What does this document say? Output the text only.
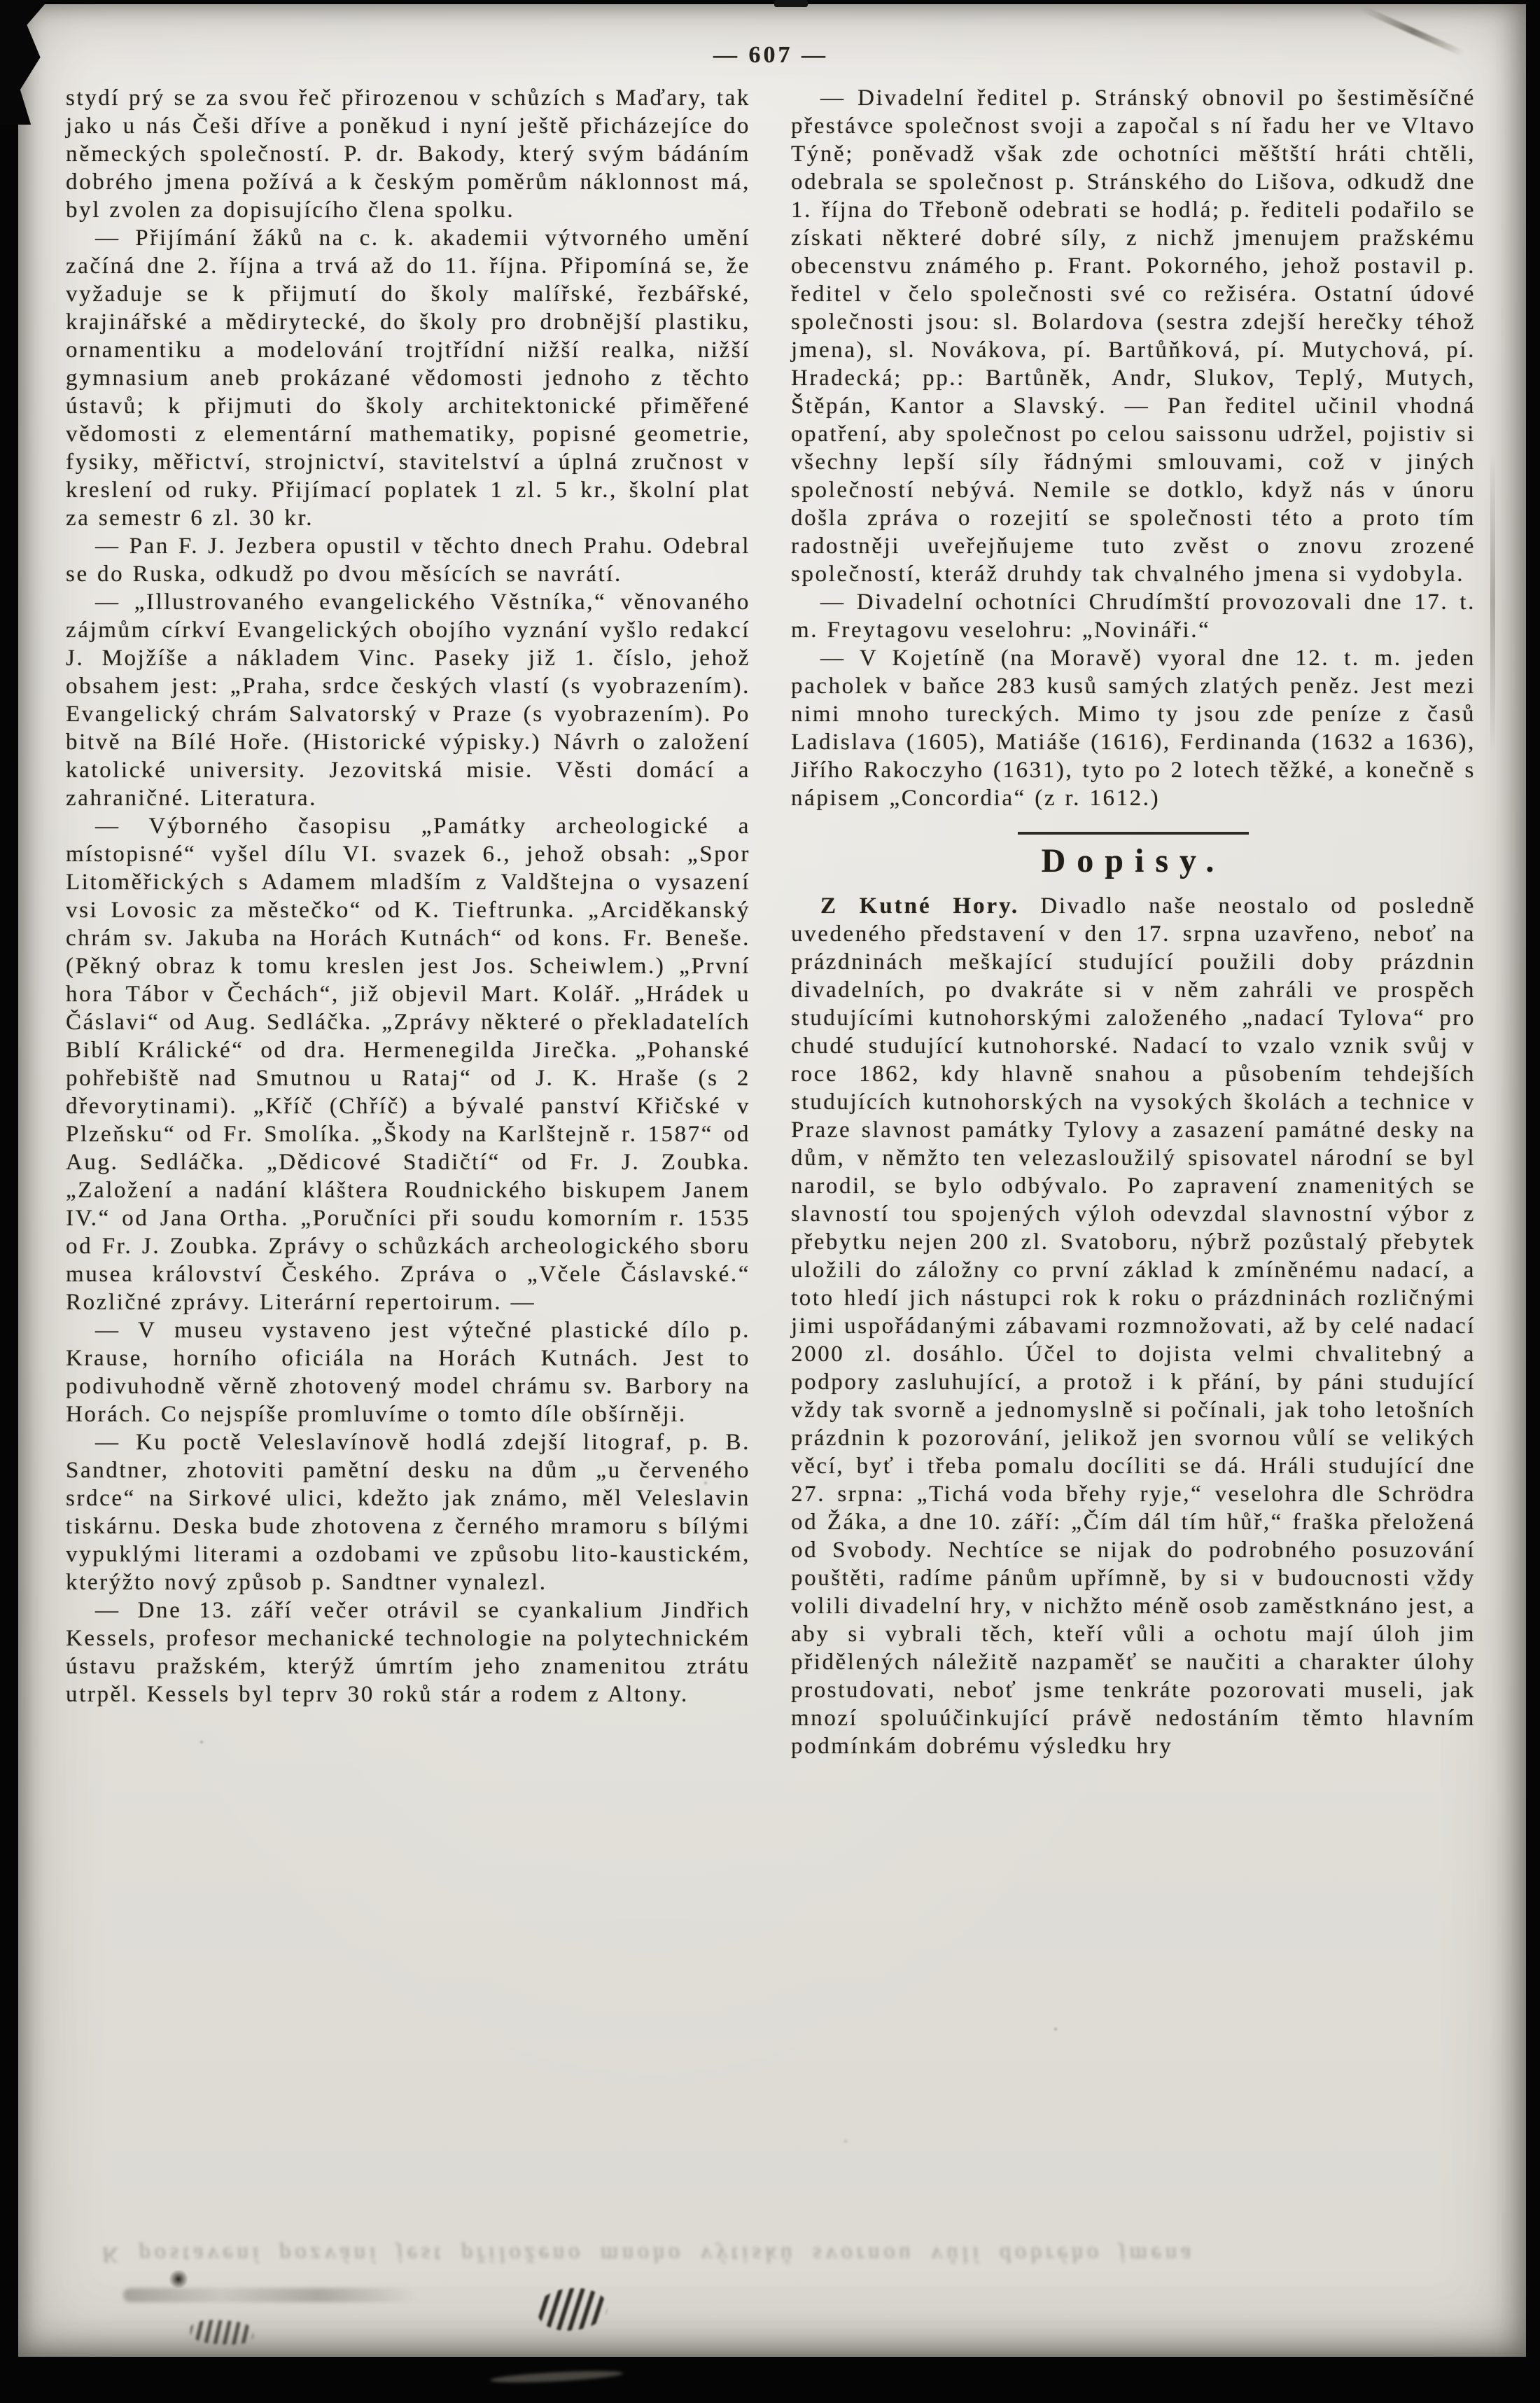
— 607 —

stydí prý se za svou řeč přirozenou v schůzích s Maďary, tak jako u nás Češi dříve a poněkud i nyní ještě přicházejíce do německých společností. P. dr. Bakody, který svým bádáním dobrého jmena požívá a k českým poměrům náklonnost má, byl zvolen za dopisujícího člena spolku.

— Přijímání žáků na c. k. akademii výtvorného umění začíná dne 2. října a trvá až do 11. října. Připomíná se, že vyžaduje se k přijmutí do školy malířské, řezbářské, krajinářské a mědirytecké, do školy pro drobnější plastiku, ornamentiku a modelování trojtřídní nižší realka, nižší gymnasium aneb prokázané vědomosti jednoho z těchto ústavů; k přijmuti do školy architektonické přiměřené vědomosti z elementární mathematiky, popisné geometrie, fysiky, měřictví, strojnictví, stavitelství a úplná zručnost v kreslení od ruky. Přijímací poplatek 1 zl. 5 kr., školní plat za semestr 6 zl. 30 kr.

— Pan F. J. Jezbera opustil v těchto dnech Prahu. Odebral se do Ruska, odkudž po dvou měsících se navrátí.

— „Illustrovaného evangelického Věstníka,“ věnovaného zájmům církví Evangelických obojího vyznání vyšlo redakcí J. Mojžíše a nákladem Vinc. Paseky již 1. číslo, jehož obsahem jest: „Praha, srdce českých vlastí (s vyobrazením). Evangelický chrám Salvatorský v Praze (s vyobrazením). Po bitvě na Bílé Hoře. (Historické výpisky.) Návrh o založení katolické university. Jezovitská misie. Věsti domácí a zahraničné. Literatura.

— Výborného časopisu „Památky archeologické a místopisné“ vyšel dílu VI. svazek 6., jehož obsah: „Spor Litoměřických s Adamem mladším z Valdštejna o vysazení vsi Lovosic za městečko“ od K. Tieftrunka. „Arciděkanský chrám sv. Jakuba na Horách Kutnách“ od kons. Fr. Beneše. (Pěkný obraz k tomu kreslen jest Jos. Scheiwlem.) „První hora Tábor v Čechách“, již objevil Mart. Kolář. „Hrádek u Čáslavi“ od Aug. Sedláčka. „Zprávy některé o překladatelích Biblí Králické“ od dra. Hermenegilda Jirečka. „Pohanské pohřebiště nad Smutnou u Rataj“ od J. K. Hraše (s 2 dřevorytinami). „Kříč (Chříč) a bývalé panství Křičské v Plzeňsku“ od Fr. Smolíka. „Škody na Karlštejně r. 1587“ od Aug. Sedláčka. „Dědicové Stadičtí“ od Fr. J. Zoubka. „Založení a nadání kláštera Roudnického biskupem Janem IV.“ od Jana Ortha. „Poručníci při soudu komorním r. 1535 od Fr. J. Zoubka. Zprávy o schůzkách archeologického sboru musea království Českého. Zpráva o „Včele Čáslavské.“ Rozličné zprávy. Literární repertoirum. —

— V museu vystaveno jest výtečné plastické dílo p. Krause, horního oficiála na Horách Kutnách. Jest to podivuhodně věrně zhotovený model chrámu sv. Barbory na Horách. Co nejspíše promluvíme o tomto díle obšírněji.

— Ku poctě Veleslavínově hodlá zdejší litograf, p. B. Sandtner, zhotoviti pamětní desku na dům „u červeného srdce“ na Sirkové ulici, kdežto jak známo, měl Veleslavin tiskárnu. Deska bude zhotovena z černého mramoru s bílými vypuklými literami a ozdobami ve způsobu lito-kaustickém, kterýžto nový způsob p. Sandtner vynalezl.

— Dne 13. září večer otrávil se cyankalium Jindřich Kessels, profesor mechanické technologie na polytechnickém ústavu pražském, kterýž úmrtím jeho znamenitou ztrátu utrpěl. Kessels byl teprv 30 roků stár a rodem z Altony.

— Divadelní ředitel p. Stránský obnovil po šestiměsíčné přestávce společnost svoji a započal s ní řadu her ve Vltavo Týně; poněvadž však zde ochotníci měštští hráti chtěli, odebrala se společnost p. Stránského do Lišova, odkudž dne 1. října do Třeboně odebrati se hodlá; p. řediteli podařilo se získati některé dobré síly, z nichž jmenujem pražskému obecenstvu známého p. Frant. Pokorného, jehož postavil p. ředitel v čelo společnosti své co režiséra. Ostatní údové společnosti jsou: sl. Bolardova (sestra zdejší herečky téhož jmena), sl. Novákova, pí. Bartůňková, pí. Mutychová, pí. Hradecká; pp.: Bartůněk, Andr, Slukov, Teplý, Mutych, Štěpán, Kantor a Slavský. — Pan ředitel učinil vhodná opatření, aby společnost po celou saissonu udržel, pojistiv si všechny lepší síly řádnými smlouvami, což v jiných společností nebývá. Nemile se dotklo, když nás v únoru došla zpráva o rozejití se společnosti této a proto tím radostněji uveřejňujeme tuto zvěst o znovu zrozené společností, kteráž druhdy tak chvalného jmena si vydobyla.

— Divadelní ochotníci Chrudímští provozovali dne 17. t. m. Freytagovu veselohru: „Novináři.“

— V Kojetíně (na Moravě) vyoral dne 12. t. m. jeden pacholek v baňce 283 kusů samých zlatých peněz. Jest mezi nimi mnoho tureckých. Mimo ty jsou zde peníze z časů Ladislava (1605), Matiáše (1616), Ferdinanda (1632 a 1636), Jiřího Rakoczyho (1631), tyto po 2 lotech těžké, a konečně s nápisem „Concordia“ (z r. 1612.)

Dopisy.

Z Kutné Hory. Divadlo naše neostalo od posledně uvedeného představení v den 17. srpna uzavřeno, neboť na prázdninách meškající studující použili doby prázdnin divadelních, po dvakráte si v něm zahráli ve prospěch studujícími kutnohorskými založeného „nadací Tylova“ pro chudé studující kutnohorské. Nadací to vzalo vznik svůj v roce 1862, kdy hlavně snahou a působením tehdejších studujících kutnohorských na vysokých školách a technice v Praze slavnost památky Tylovy a zasazení památné desky na dům, v němžto ten velezasloužilý spisovatel národní se byl narodil, se bylo odbývalo. Po zapravení znamenitých se slavností tou spojených výloh odevzdal slavnostní výbor z přebytku nejen 200 zl. Svatoboru, nýbrž pozůstalý přebytek uložili do záložny co první základ k zmíněnému nadací, a toto hledí jich nástupci rok k roku o prázdninách rozličnými jimi uspořádanými zábavami rozmnožovati, až by celé nadací 2000 zl. dosáhlo. Účel to dojista velmi chvalitebný a podpory zasluhující, a protož i k přání, by páni studující vždy tak svorně a jednomyslně si počínali, jak toho letošních prázdnin k pozorování, jelikož jen svornou vůlí se velikých věcí, byť i třeba pomalu docíliti se dá. Hráli studující dne 27. srpna: „Tichá voda břehy ryje,“ veselohra dle Schrödra od Žáka, a dne 10. září: „Čím dál tím hůř,“ fraška přeložená od Svobody. Nechtíce se nijak do podrobného posuzování pouštěti, radíme pánům upřímně, by si v budoucnosti vždy volili divadelní hry, v nichžto méně osob zaměstknáno jest, a aby si vybrali těch, kteří vůli a ochotu mají úloh jim přidělených náležitě nazpaměť se naučiti a charakter úlohy prostudovati, neboť jsme tenkráte pozorovati museli, jak mnozí spoluúčinkující právě nedostáním těmto hlavním podmínkám dobrému výsledku hry

K postavení pozvání jest přiloženo mnoho výtisků svornou vůlí dobrého jmena
